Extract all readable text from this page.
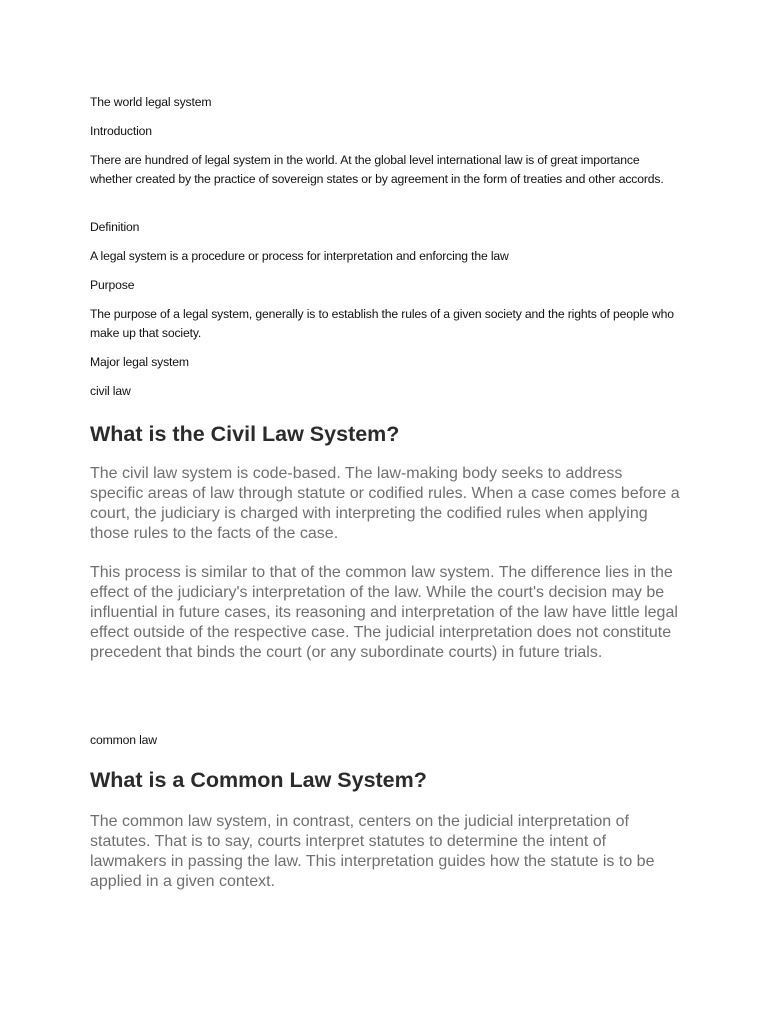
The world legal system
Introduction
There are hundred of legal system in the world. At the global level international law is of great importance whether created by the practice of sovereign states or by agreement in the form of treaties and other accords.
Definition
A legal system is a procedure or process for interpretation and enforcing the law
Purpose
The purpose of a legal system, generally is to establish the rules of a given society and the rights of people who make up that society.
Major legal system
civil law
What is the Civil Law System?
The civil law system is code-based. The law-making body seeks to address specific areas of law through statute or codified rules. When a case comes before a court, the judiciary is charged with interpreting the codified rules when applying those rules to the facts of the case.
This process is similar to that of the common law system. The difference lies in the effect of the judiciary's interpretation of the law. While the court's decision may be influential in future cases, its reasoning and interpretation of the law have little legal effect outside of the respective case. The judicial interpretation does not constitute precedent that binds the court (or any subordinate courts) in future trials.
common law
What is a Common Law System?
The common law system, in contrast, centers on the judicial interpretation of statutes. That is to say, courts interpret statutes to determine the intent of lawmakers in passing the law. This interpretation guides how the statute is to be applied in a given context.
